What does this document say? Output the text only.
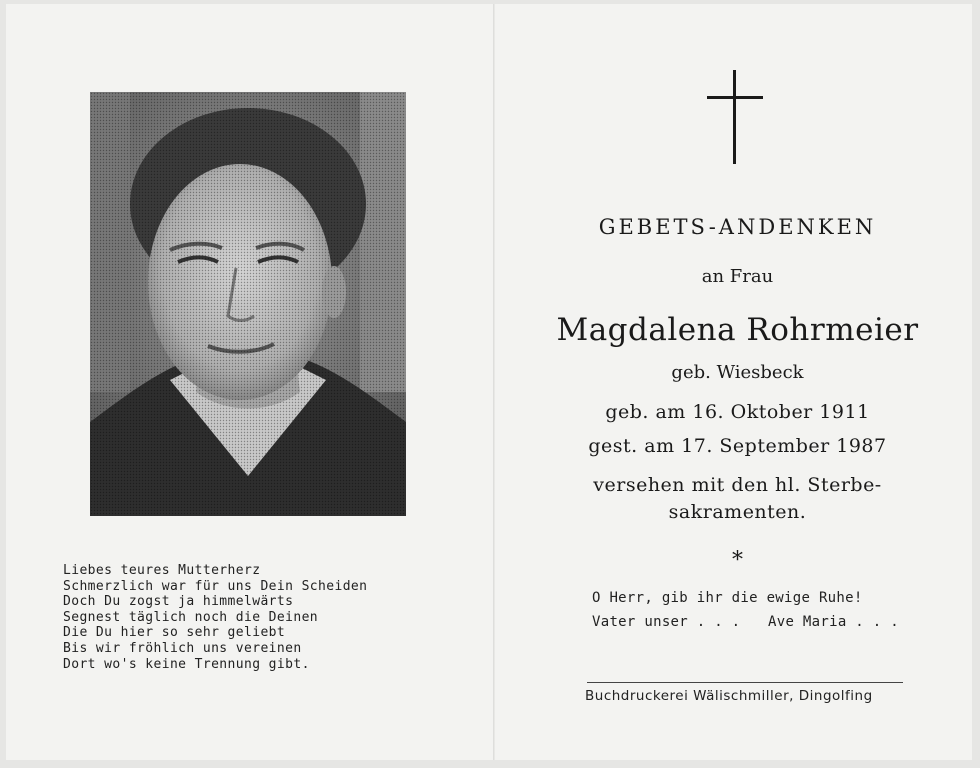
Liebes teures Mutterherz
Schmerzlich war für uns Dein Scheiden
Doch Du zogst ja himmelwärts
Segnest täglich noch die Deinen
Die Du hier so sehr geliebt
Bis wir fröhlich uns vereinen
Dort wo's keine Trennung gibt.
GEBETS-ANDENKEN
an Frau
Magdalena Rohrmeier
geb. Wiesbeck
geb. am 16. Oktober 1911
gest. am 17. September 1987
versehen mit den hl. Sterbe-
sakramenten.
*
O Herr, gib ihr die ewige Ruhe!
Vater unser . . . Ave Maria . . .
Buchdruckerei Wälischmiller, Dingolfing
